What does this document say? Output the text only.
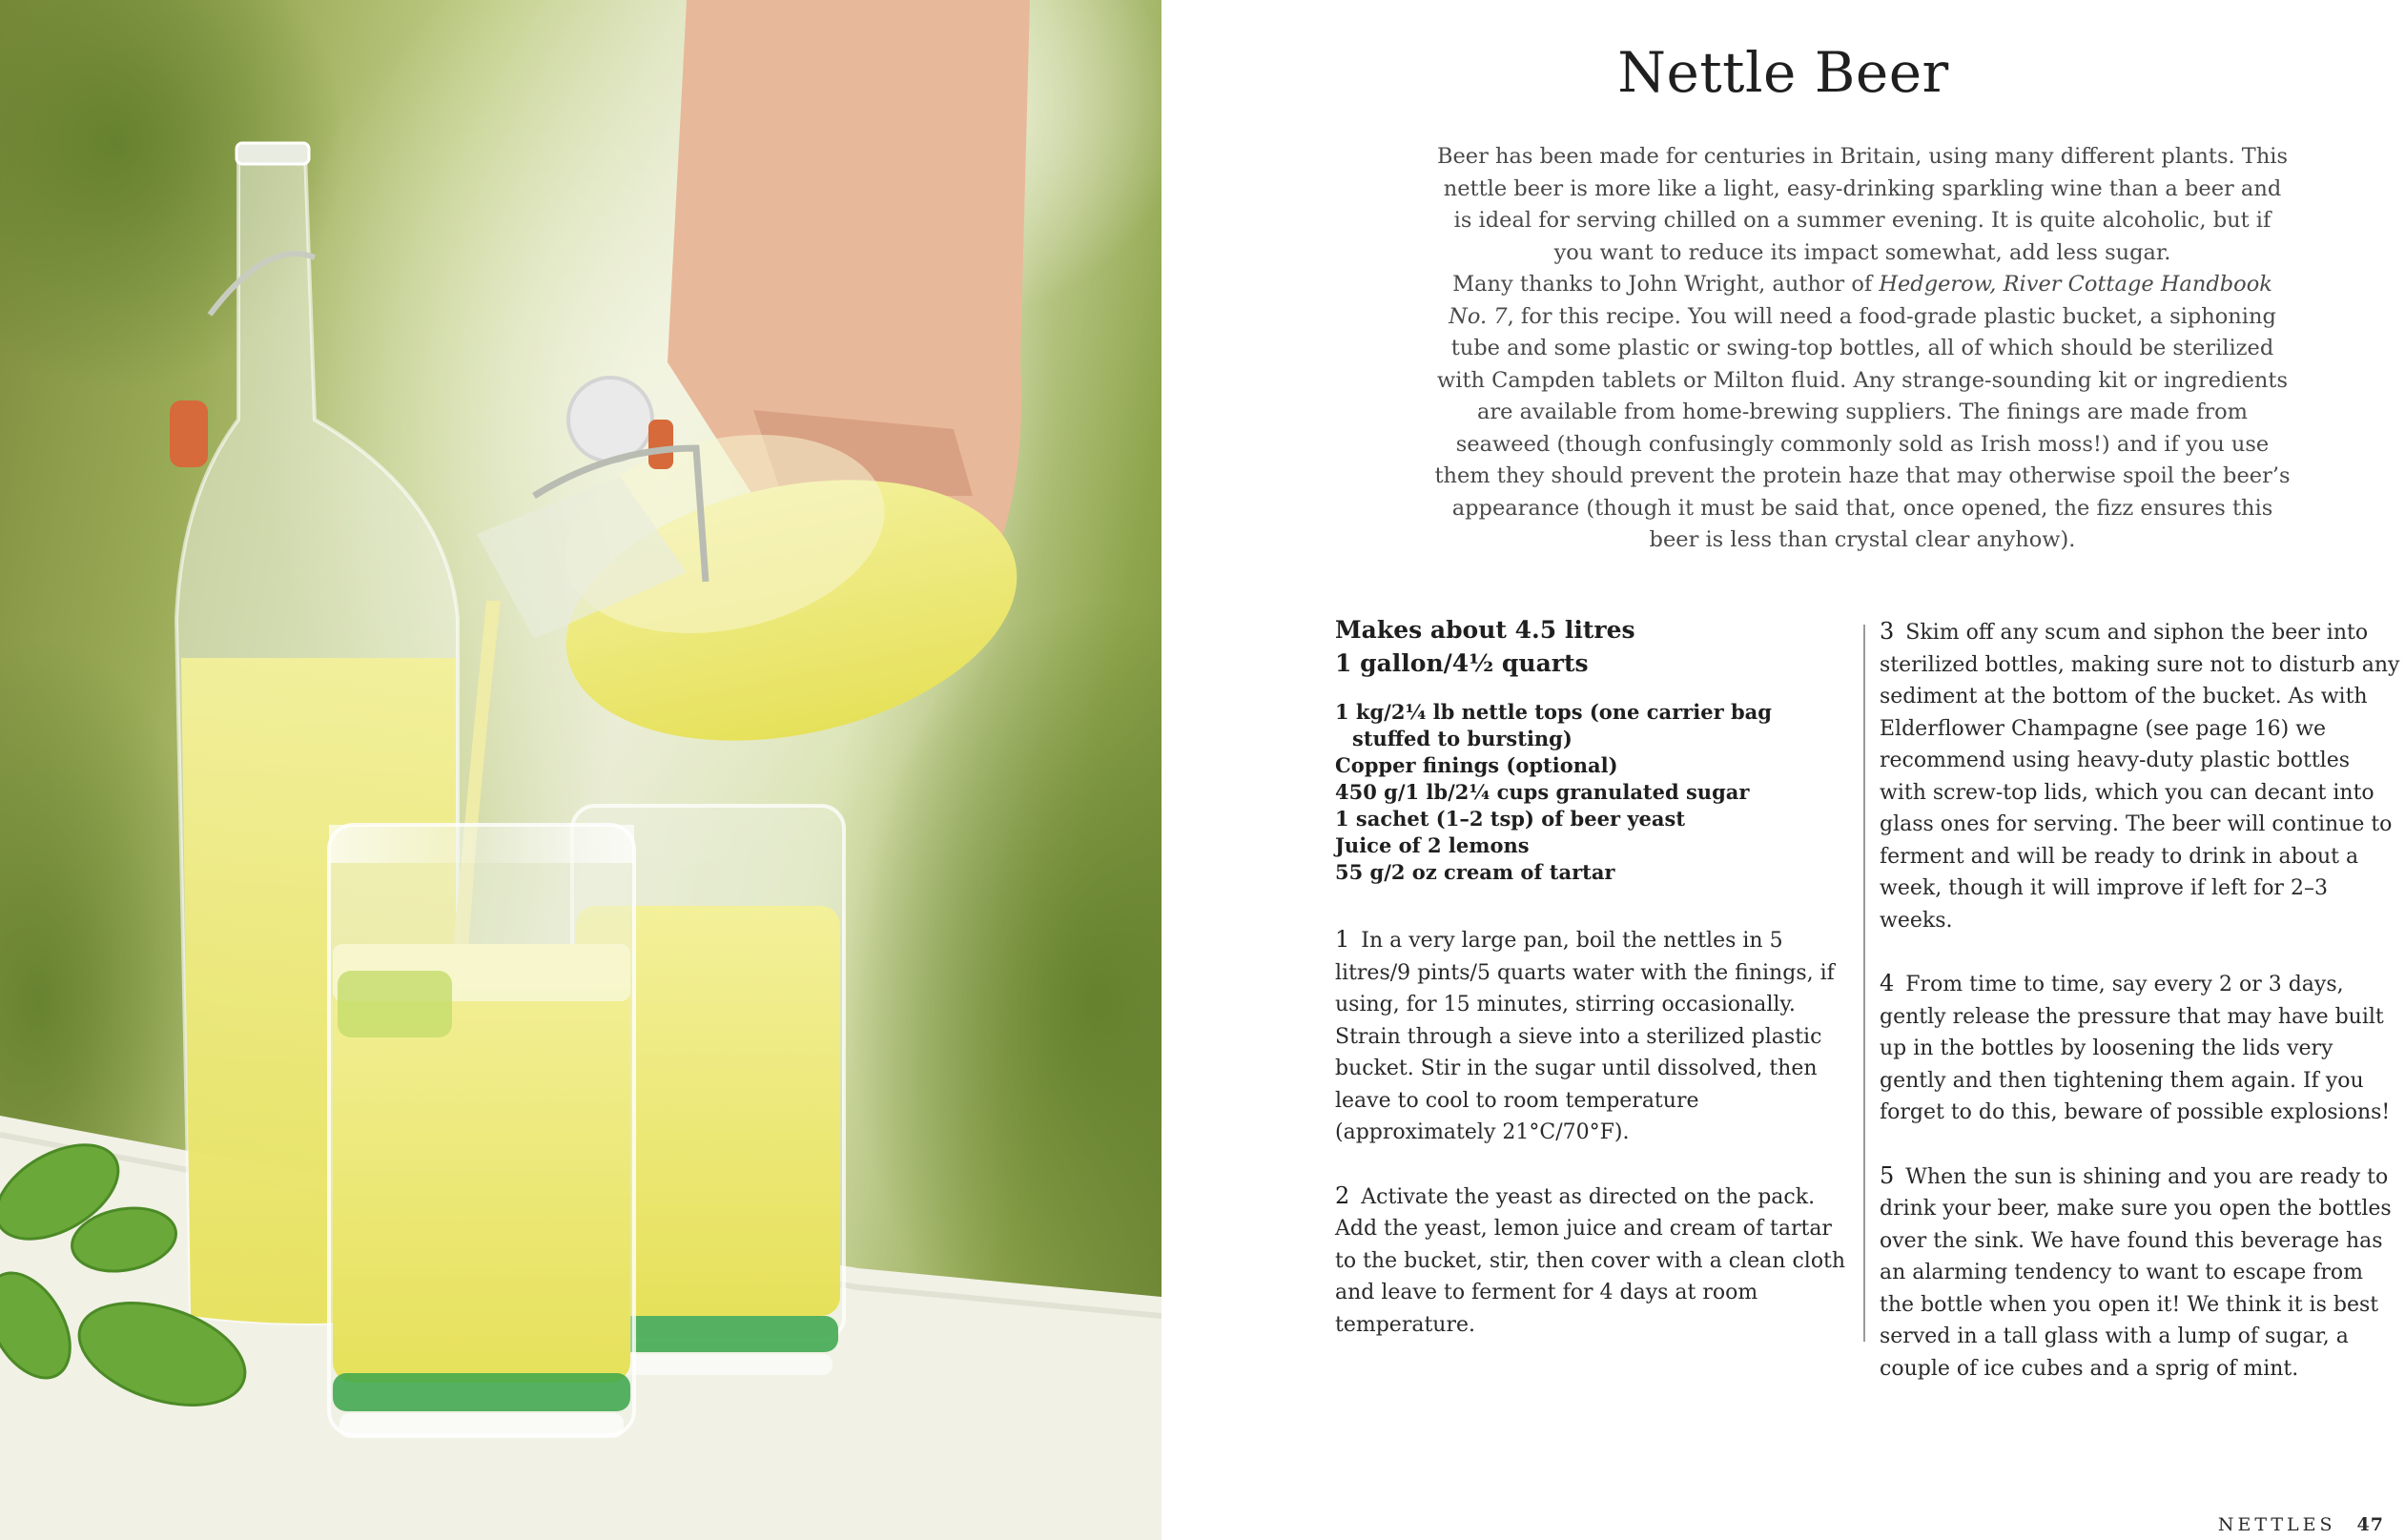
Nettle Beer

Beer has been made for centuries in Britain, using many different plants. This nettle beer is more like a light, easy-drinking sparkling wine than a beer and is ideal for serving chilled on a summer evening. It is quite alcoholic, but if you want to reduce its impact somewhat, add less sugar.

Many thanks to John Wright, author of Hedgerow, River Cottage Handbook No. 7, for this recipe. You will need a food-grade plastic bucket, a siphoning tube and some plastic or swing-top bottles, all of which should be sterilized with Campden tablets or Milton fluid. Any strange-sounding kit or ingredients are available from home-brewing suppliers. The finings are made from seaweed (though confusingly commonly sold as Irish moss!) and if you use them they should prevent the protein haze that may otherwise spoil the beer’s appearance (though it must be said that, once opened, the fizz ensures this beer is less than crystal clear anyhow).

Makes about 4.5 litres

1 gallon/4½ quarts

1 kg/2¼ lb nettle tops (one carrier bag stuffed to bursting)
Copper finings (optional)
450 g/1 lb/2¼ cups granulated sugar
1 sachet (1–2 tsp) of beer yeast
Juice of 2 lemons
55 g/2 oz cream of tartar

1 In a very large pan, boil the nettles in 5 litres/9 pints/5 quarts water with the finings, if using, for 15 minutes, stirring occasionally. Strain through a sieve into a sterilized plastic bucket. Stir in the sugar until dissolved, then leave to cool to room temperature (approximately 21°C/70°F).

2 Activate the yeast as directed on the pack. Add the yeast, lemon juice and cream of tartar to the bucket, stir, then cover with a clean cloth and leave to ferment for 4 days at room temperature.

3 Skim off any scum and siphon the beer into sterilized bottles, making sure not to disturb any sediment at the bottom of the bucket. As with Elderflower Champagne (see page 16) we recommend using heavy-duty plastic bottles with screw-top lids, which you can decant into glass ones for serving. The beer will continue to ferment and will be ready to drink in about a week, though it will improve if left for 2–3 weeks.

4 From time to time, say every 2 or 3 days, gently release the pressure that may have built up in the bottles by loosening the lids very gently and then tightening them again. If you forget to do this, beware of possible explosions!

5 When the sun is shining and you are ready to drink your beer, make sure you open the bottles over the sink. We have found this beverage has an alarming tendency to want to escape from the bottle when you open it! We think it is best served in a tall glass with a lump of sugar, a couple of ice cubes and a sprig of mint.

NETTLES 47
